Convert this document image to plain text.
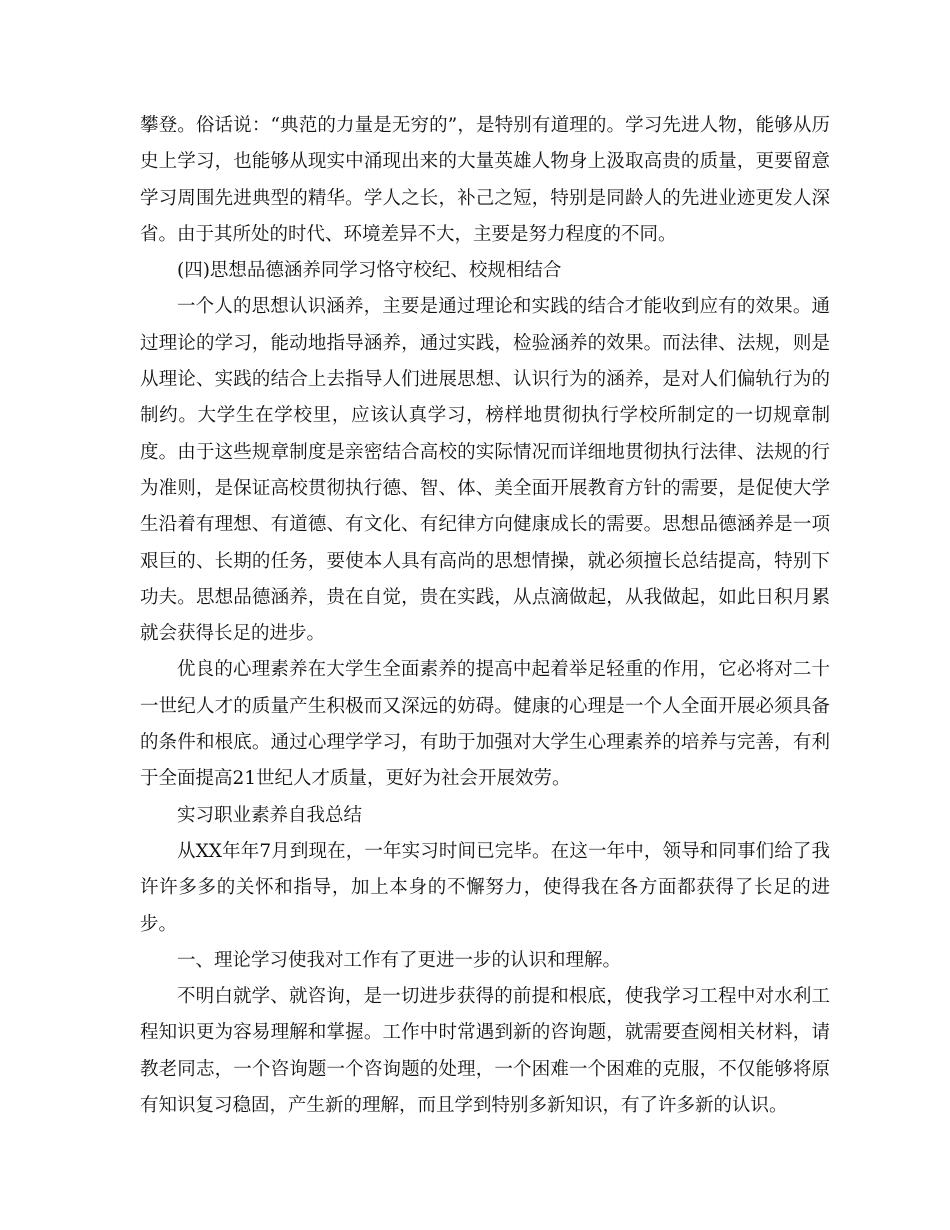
攀登。俗话说：“典范的力量是无穷的”，是特别有道理的。学习先进人物，能够从历史上学习，也能够从现实中涌现出来的大量英雄人物身上汲取高贵的质量，更要留意学习周围先进典型的精华。学人之长，补己之短，特别是同龄人的先进业迹更发人深省。由于其所处的时代、环境差异不大，主要是努力程度的不同。

(四)思想品德涵养同学习恪守校纪、校规相结合

一个人的思想认识涵养，主要是通过理论和实践的结合才能收到应有的效果。通过理论的学习，能动地指导涵养，通过实践，检验涵养的效果。而法律、法规，则是从理论、实践的结合上去指导人们进展思想、认识行为的涵养，是对人们偏轨行为的制约。大学生在学校里，应该认真学习，榜样地贯彻执行学校所制定的一切规章制度。由于这些规章制度是亲密结合高校的实际情况而详细地贯彻执行法律、法规的行为准则，是保证高校贯彻执行德、智、体、美全面开展教育方针的需要，是促使大学生沿着有理想、有道德、有文化、有纪律方向健康成长的需要。思想品德涵养是一项艰巨的、长期的任务，要使本人具有高尚的思想情操，就必须擅长总结提高，特别下功夫。思想品德涵养，贵在自觉，贵在实践，从点滴做起，从我做起，如此日积月累就会获得长足的进步。

优良的心理素养在大学生全面素养的提高中起着举足轻重的作用，它必将对二十一世纪人才的质量产生积极而又深远的妨碍。健康的心理是一个人全面开展必须具备的条件和根底。通过心理学学习，有助于加强对大学生心理素养的培养与完善，有利于全面提高21世纪人才质量，更好为社会开展效劳。

实习职业素养自我总结

从XX年年7月到现在，一年实习时间已完毕。在这一年中，领导和同事们给了我许许多多的关怀和指导，加上本身的不懈努力，使得我在各方面都获得了长足的进步。

一、理论学习使我对工作有了更进一步的认识和理解。

不明白就学、就咨询，是一切进步获得的前提和根底，使我学习工程中对水利工程知识更为容易理解和掌握。工作中时常遇到新的咨询题，就需要查阅相关材料，请教老同志，一个咨询题一个咨询题的处理，一个困难一个困难的克服，不仅能够将原有知识复习稳固，产生新的理解，而且学到特别多新知识，有了许多新的认识。
